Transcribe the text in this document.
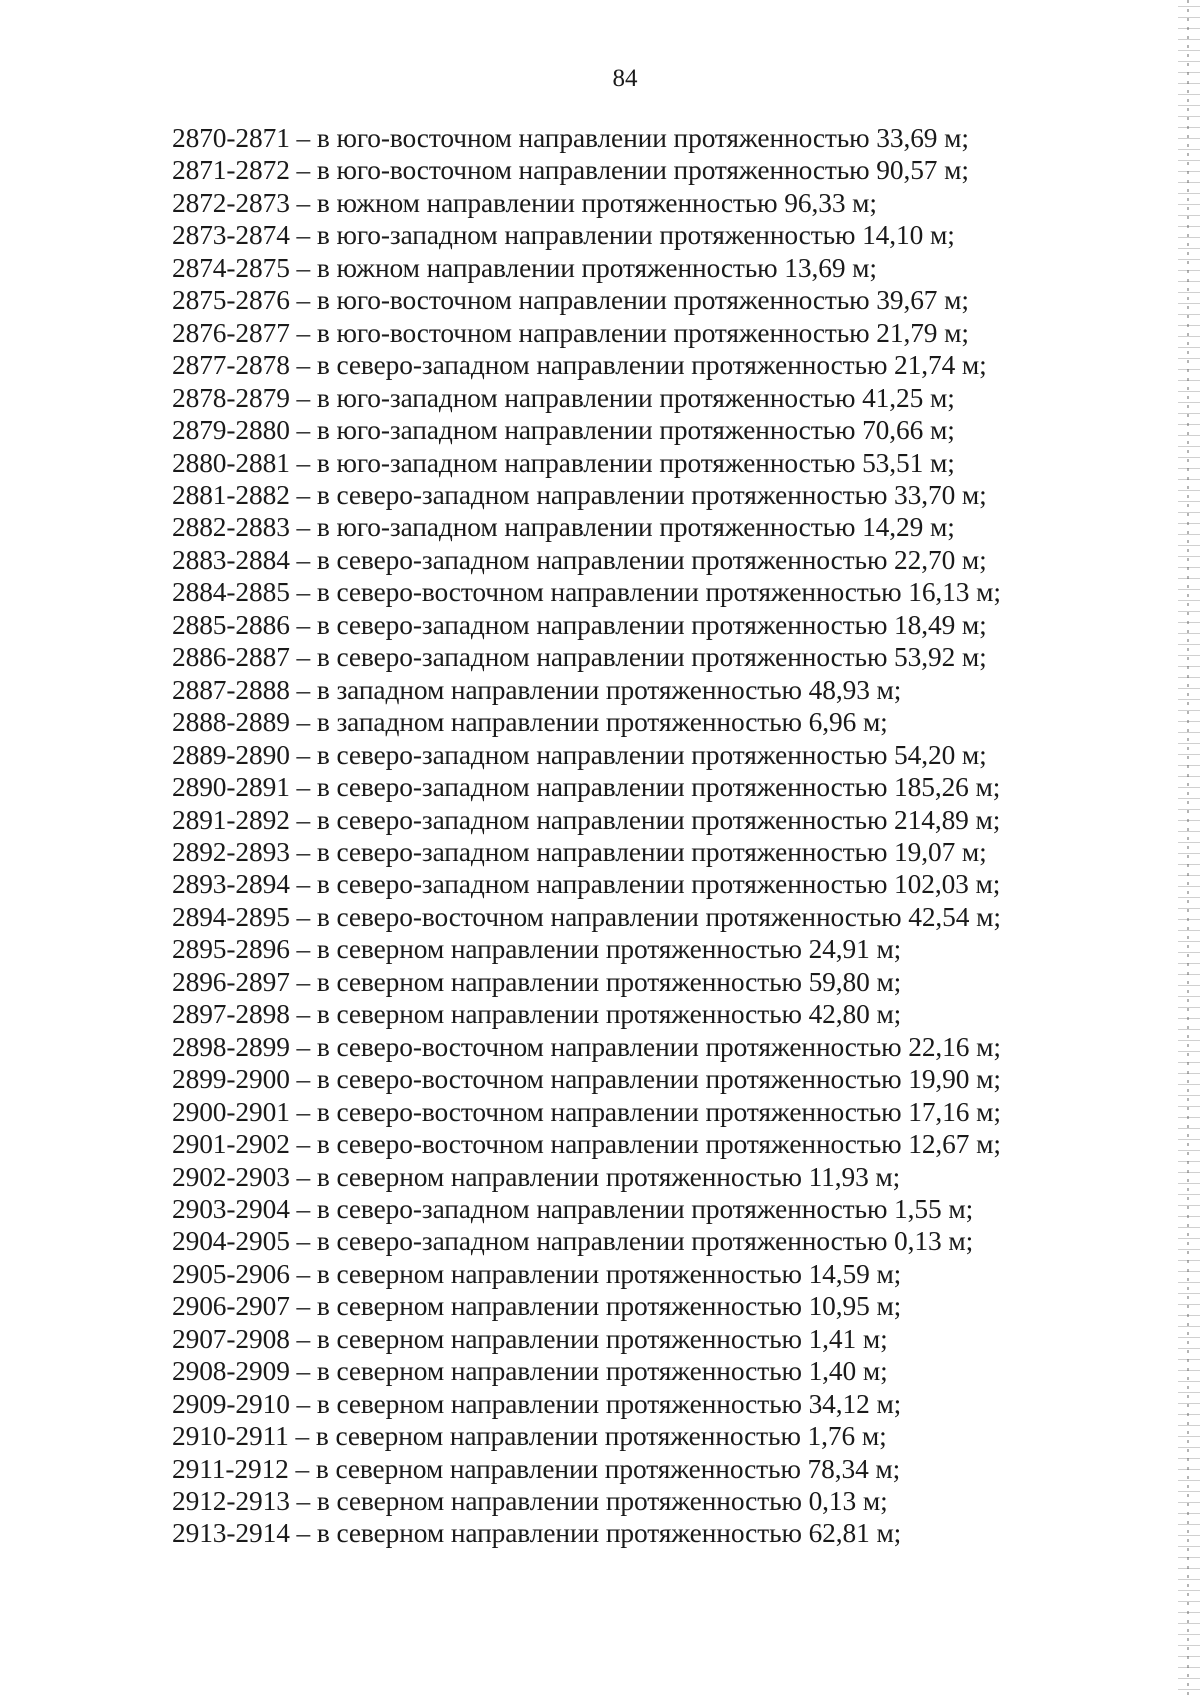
84
2870-2871 – в юго-восточном направлении протяженностью 33,69 м;
2871-2872 – в юго-восточном направлении протяженностью 90,57 м;
2872-2873 – в южном направлении протяженностью 96,33 м;
2873-2874 – в юго-западном направлении протяженностью 14,10 м;
2874-2875 – в южном направлении протяженностью 13,69 м;
2875-2876 – в юго-восточном направлении протяженностью 39,67 м;
2876-2877 – в юго-восточном направлении протяженностью 21,79 м;
2877-2878 – в северо-западном направлении протяженностью 21,74 м;
2878-2879 – в юго-западном направлении протяженностью 41,25 м;
2879-2880 – в юго-западном направлении протяженностью 70,66 м;
2880-2881 – в юго-западном направлении протяженностью 53,51 м;
2881-2882 – в северо-западном направлении протяженностью 33,70 м;
2882-2883 – в юго-западном направлении протяженностью 14,29 м;
2883-2884 – в северо-западном направлении протяженностью 22,70 м;
2884-2885 – в северо-восточном направлении протяженностью 16,13 м;
2885-2886 – в северо-западном направлении протяженностью 18,49 м;
2886-2887 – в северо-западном направлении протяженностью 53,92 м;
2887-2888 – в западном направлении протяженностью 48,93 м;
2888-2889 – в западном направлении протяженностью 6,96 м;
2889-2890 – в северо-западном направлении протяженностью 54,20 м;
2890-2891 – в северо-западном направлении протяженностью 185,26 м;
2891-2892 – в северо-западном направлении протяженностью 214,89 м;
2892-2893 – в северо-западном направлении протяженностью 19,07 м;
2893-2894 – в северо-западном направлении протяженностью 102,03 м;
2894-2895 – в северо-восточном направлении протяженностью 42,54 м;
2895-2896 – в северном направлении протяженностью 24,91 м;
2896-2897 – в северном направлении протяженностью 59,80 м;
2897-2898 – в северном направлении протяженностью 42,80 м;
2898-2899 – в северо-восточном направлении протяженностью 22,16 м;
2899-2900 – в северо-восточном направлении протяженностью 19,90 м;
2900-2901 – в северо-восточном направлении протяженностью 17,16 м;
2901-2902 – в северо-восточном направлении протяженностью 12,67 м;
2902-2903 – в северном направлении протяженностью 11,93 м;
2903-2904 – в северо-западном направлении протяженностью 1,55 м;
2904-2905 – в северо-западном направлении протяженностью 0,13 м;
2905-2906 – в северном направлении протяженностью 14,59 м;
2906-2907 – в северном направлении протяженностью 10,95 м;
2907-2908 – в северном направлении протяженностью 1,41 м;
2908-2909 – в северном направлении протяженностью 1,40 м;
2909-2910 – в северном направлении протяженностью 34,12 м;
2910-2911 – в северном направлении протяженностью 1,76 м;
2911-2912 – в северном направлении протяженностью 78,34 м;
2912-2913 – в северном направлении протяженностью 0,13 м;
2913-2914 – в северном направлении протяженностью 62,81 м;
